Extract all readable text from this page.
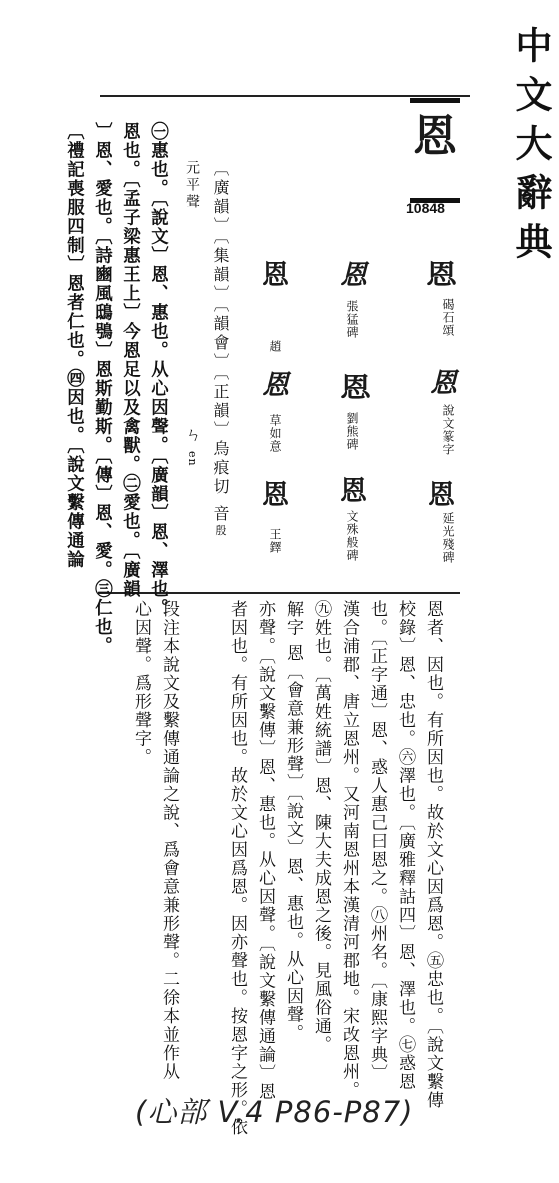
中文大辭典
恩
10848
恩
碣石頌
恩
說文篆字
恩
延光殘碑
恩
張猛碑
恩
劉熊碑
恩
文殊般碑
恩
趙
恩
草如意
恩
王鐸
〔廣韻〕〔集韻〕〔韻會〕〔正韻〕烏痕切 音殷
元平聲ㄣen
㊀惠也。〔說文〕恩、惠也。从心因聲。〔廣韻〕恩、澤也。
恩也。〔孟子梁惠王上〕今恩足以及禽獸。㊁愛也。〔廣韻
〕恩、愛也。〔詩豳風鴟鴞〕恩斯勤斯。〔傳〕恩、愛。㊂仁也。
〔禮記喪服四制〕恩者仁也。㊃因也。〔說文繫傳通論
恩者、因也。有所因也。故於文心因爲恩。㊄忠也。〔說文繫傳
校錄〕恩、忠也。㊅澤也。〔廣雅釋詁四〕恩、澤也。㊆惑恩
也。〔正字通〕恩、惑人惠己曰恩之。㊇州名。〔康熙字典〕
漢合浦郡、唐立恩州。又河南恩州本漢清河郡地。宋改恩州。
㊈姓也。〔萬姓統譜〕恩、陳大夫成恩之後。見風俗通。
解字 恩〔會意兼形聲〕〔說文〕恩、惠也。从心因聲。
亦聲。〔說文繫傳〕恩、惠也。从心因聲。〔說文繫傳通論〕恩
者因也。有所因也。故於文心因爲恩。因亦聲也。按恩字之形。依
段注本說文及繫傳通論之說、爲會意兼形聲。二徐本並作从
心因聲。爲形聲字。
(心部 V.4 P86-P87)
